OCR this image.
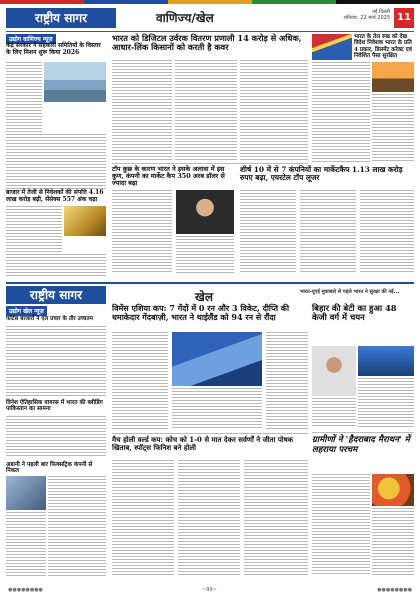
राष्ट्रीय सागर	वाणिज्य/खेल	नई दिल्ली
शनिवार, 22 मार्च 2025 11
उद्योग वाणिज्य न्यूज़
केंद्र सरकार ने सहकारी समितियों के विस्तार के लिए मिशन शुरू किया 2026
बाजार में तेजी से निवेशकों की संपत्ति 4.16 लाख करोड़ बढ़ी, सेंसेक्स 557 अंक चढ़ा
भारत को डिजिटल उर्वरक वितरण प्रणाली 14 करोड़ से अधिक, आधार-लिंक किसानों को करती है कवर
टॉप कुछ के कारण भारत ने इसके अलावा में इस कुण, कंपनी का मार्केट कैप 350 अरब डॉलर से ज्यादा बढ़ा
भारत के तेल रुख को देख विदेश निवेशक भारत के प्रति 4 प्रकार, डिसमेंट करेक्ट एवं निवेशित पैसा सुरक्षित
शीर्ष 10 में से 7 कंपनियों का मार्केटकैप 1.13 लाख करोड़ रुपए बढ़ा, एयरटेल टॉप लूजर
राष्ट्रीय सागर
उद्योग खेल न्यूज़
खेल	भारत-यूएई मुकाबले से पहले भारत ने सुरक्षा की नई...
फोर्टस बाजारों ने एल प्रचार के तौर उच्चतम
विनेश ऐतिहासिक वायरस में भारत की ब्लीडिंग पाकिस्तान का सामना
अडानी ने पहली बार फिक्सट्रिक कंपनी से निकल
विमेंस एशिया कप: 7 गेंदों में 0 रन और 3 विकेट, दीप्ति की धमाकेदार गेंदबाज़ी, भारत ने थाईलैंड को 94 रन से रौंदा
मैच होली वर्ल्ड कप: कोच को 1-0 से मात देकर सर्वर्णों ने जीता पोषक खिताब, स्पॉट्स फिनिश बने होली
बिहार की बेटी का हुआ 48 केजी वर्ग में चयन
ग्रामीणों ने 'हैदराबाद मैराथन' में लहराया परचम
●●●●●●●●	~99~	●●●●●●●●
